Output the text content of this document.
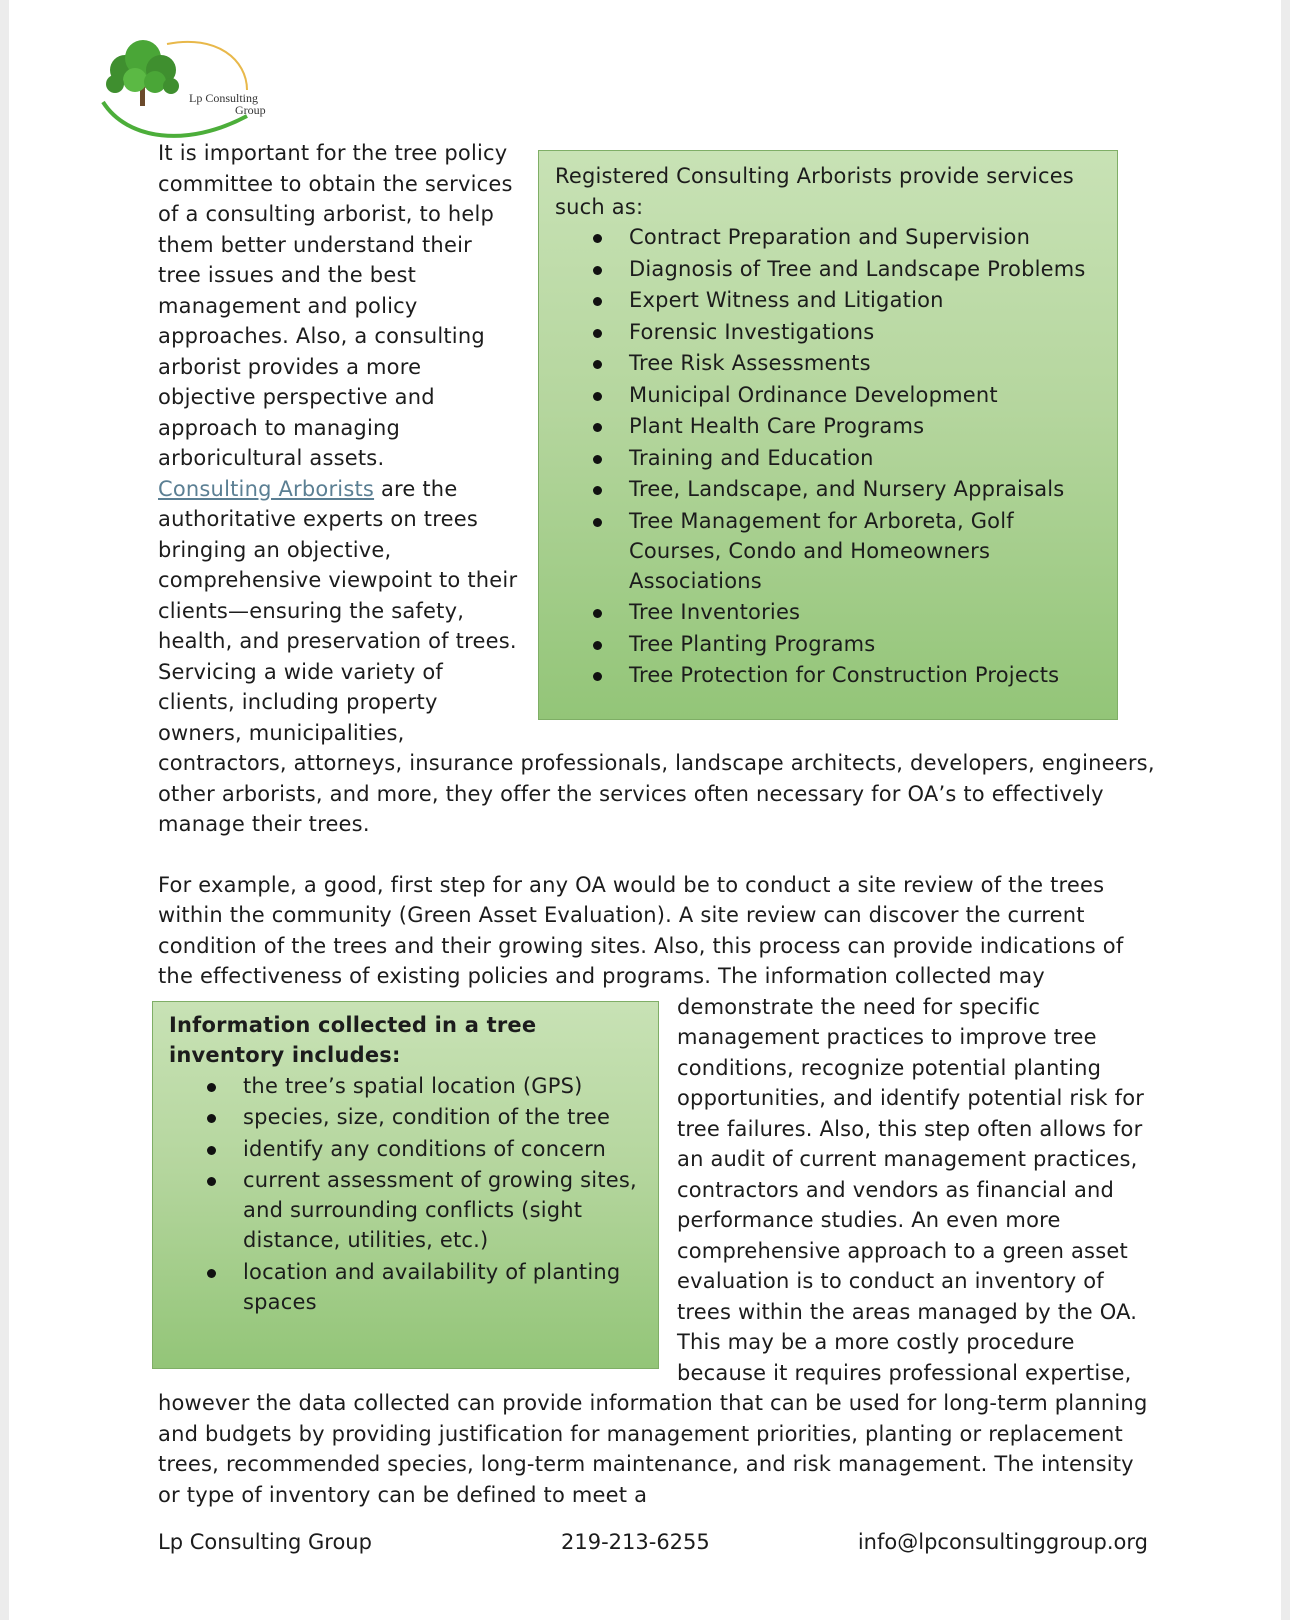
Lp Consulting
Group

Registered Consulting Arborists provide services such as:

Contract Preparation and Supervision
Diagnosis of Tree and Landscape Problems
Expert Witness and Litigation
Forensic Investigations
Tree Risk Assessments
Municipal Ordinance Development
Plant Health Care Programs
Training and Education
Tree, Landscape, and Nursery Appraisals
Tree Management for Arboreta, Golf Courses, Condo and Homeowners Associations
Tree Inventories
Tree Planting Programs
Tree Protection for Construction Projects

It is important for the tree policy committee to obtain the services of a consulting arborist, to help them better understand their tree issues and the best management and policy approaches. Also, a consulting arborist provides a more objective perspective and approach to managing arboricultural assets.

Consulting Arborists are the authoritative experts on trees bringing an objective, comprehensive viewpoint to their clients—ensuring the safety, health, and preservation of trees. Servicing a wide variety of clients, including property owners, municipalities, contractors, attorneys, insurance professionals, landscape architects, developers, engineers, other arborists, and more, they offer the services often necessary for OA’s to effectively manage their trees.

For example, a good, first step for any OA would be to conduct a site review of the trees within the community (Green Asset Evaluation). A site review can discover the current condition of the trees and their growing sites. Also, this process can provide indications of the effectiveness of existing policies and programs. The information collected may

Information collected in a tree inventory includes:

the tree’s spatial location (GPS)
species, size, condition of the tree
identify any conditions of concern
current assessment of growing sites, and surrounding conflicts (sight distance, utilities, etc.)
location and availability of planting spaces
demonstrate the need for specific management practices to improve tree conditions, recognize potential planting opportunities, and identify potential risk for tree failures. Also, this step often allows for an audit of current management practices, contractors and vendors as financial and performance studies. An even more comprehensive approach to a green asset evaluation is to conduct an inventory of trees within the areas managed by the OA. This may be a more costly procedure because it requires professional expertise, however the data collected can provide information that can be used for long-term planning and budgets by providing justification for management priorities, planting or replacement trees, recommended species, long-term maintenance, and risk management. The intensity or type of inventory can be defined to meet a

Lp Consulting Group	219-213-6255	info@lpconsultinggroup.org
